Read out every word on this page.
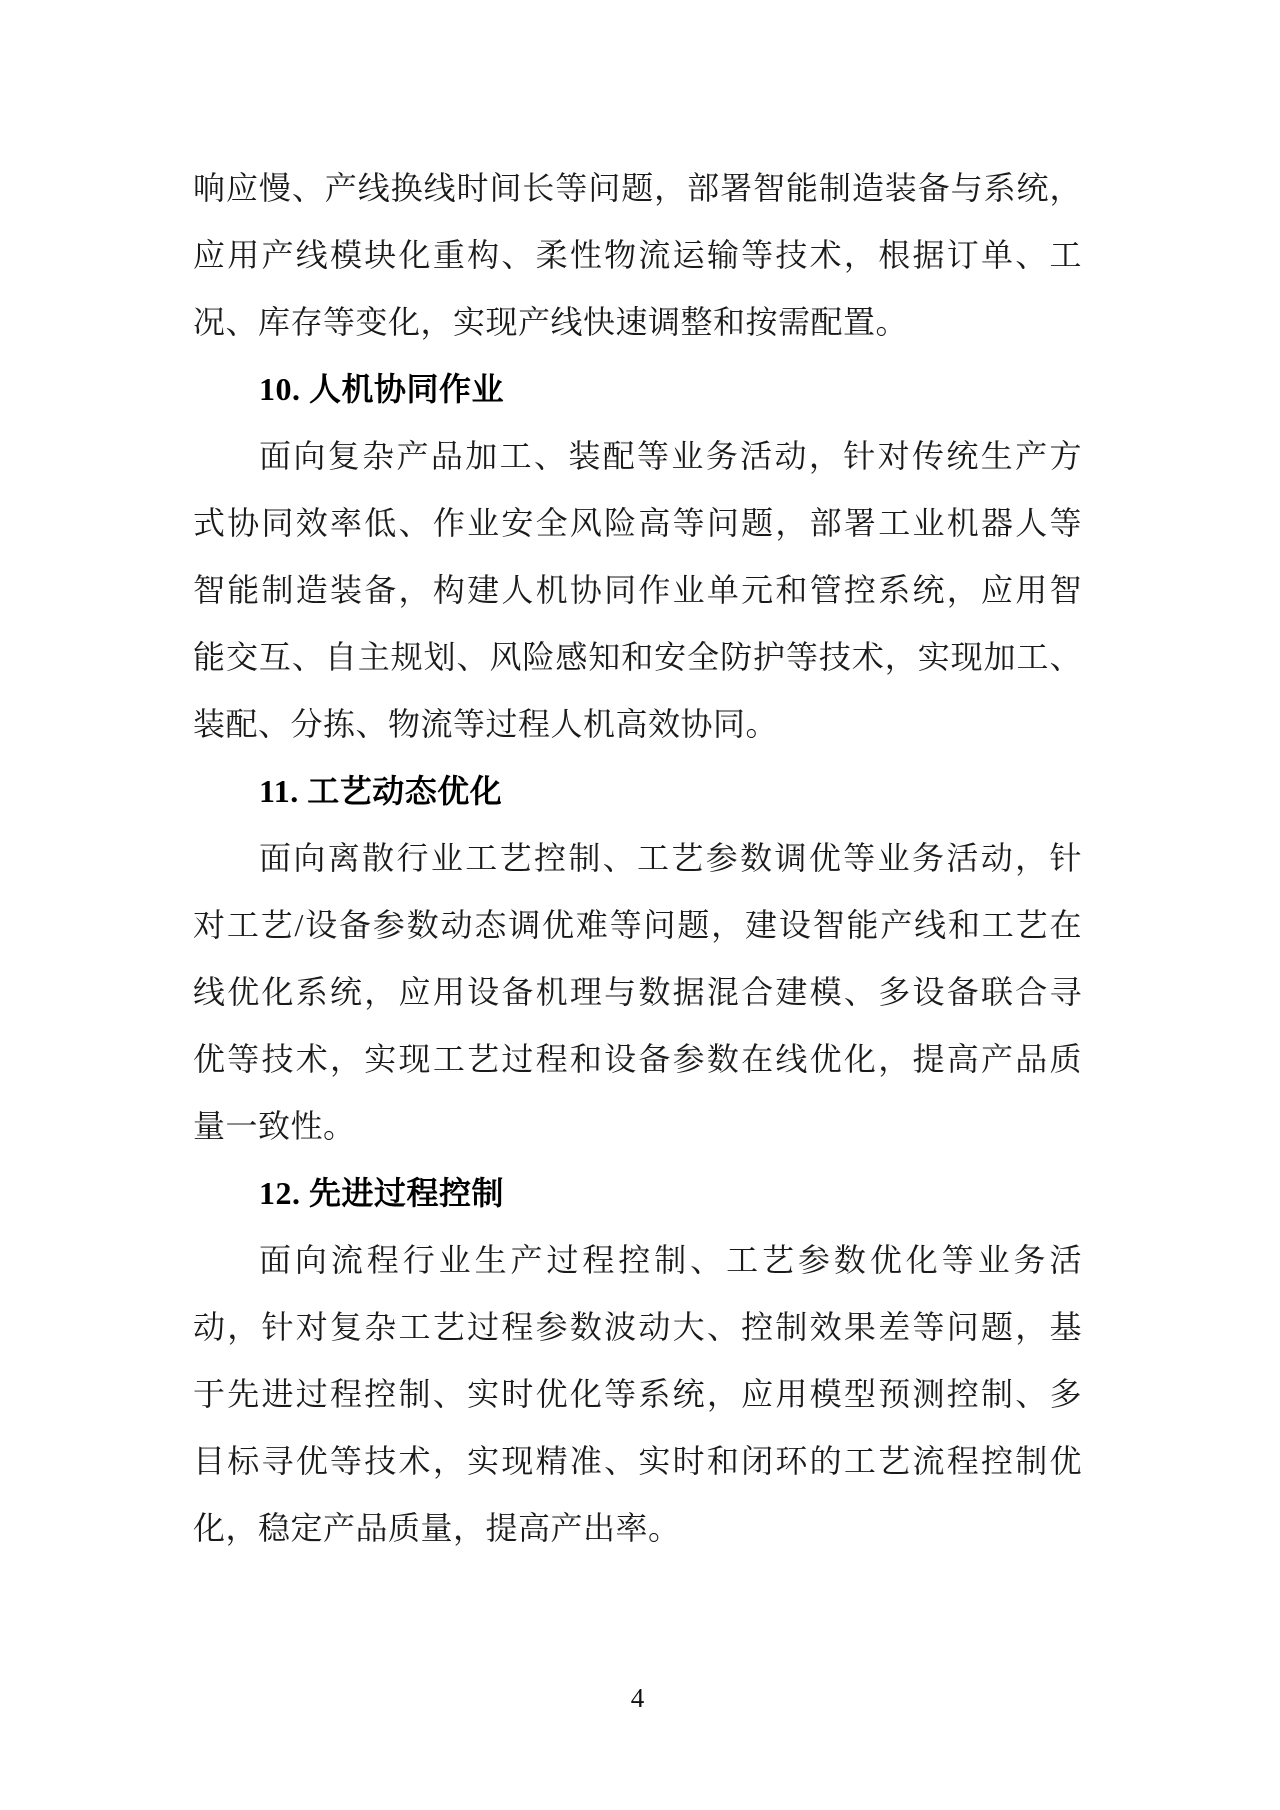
响应慢、产线换线时间长等问题，部署智能制造装备与系统，
应用产线模块化重构、柔性物流运输等技术，根据订单、工
况、库存等变化，实现产线快速调整和按需配置。
10. 人机协同作业
面向复杂产品加工、装配等业务活动，针对传统生产方
式协同效率低、作业安全风险高等问题，部署工业机器人等
智能制造装备，构建人机协同作业单元和管控系统，应用智
能交互、自主规划、风险感知和安全防护等技术，实现加工、
装配、分拣、物流等过程人机高效协同。
11. 工艺动态优化
面向离散行业工艺控制、工艺参数调优等业务活动，针
对工艺/设备参数动态调优难等问题，建设智能产线和工艺在
线优化系统，应用设备机理与数据混合建模、多设备联合寻
优等技术，实现工艺过程和设备参数在线优化，提高产品质
量一致性。
12. 先进过程控制
面向流程行业生产过程控制、工艺参数优化等业务活
动，针对复杂工艺过程参数波动大、控制效果差等问题，基
于先进过程控制、实时优化等系统，应用模型预测控制、多
目标寻优等技术，实现精准、实时和闭环的工艺流程控制优
化，稳定产品质量，提高产出率。
4
